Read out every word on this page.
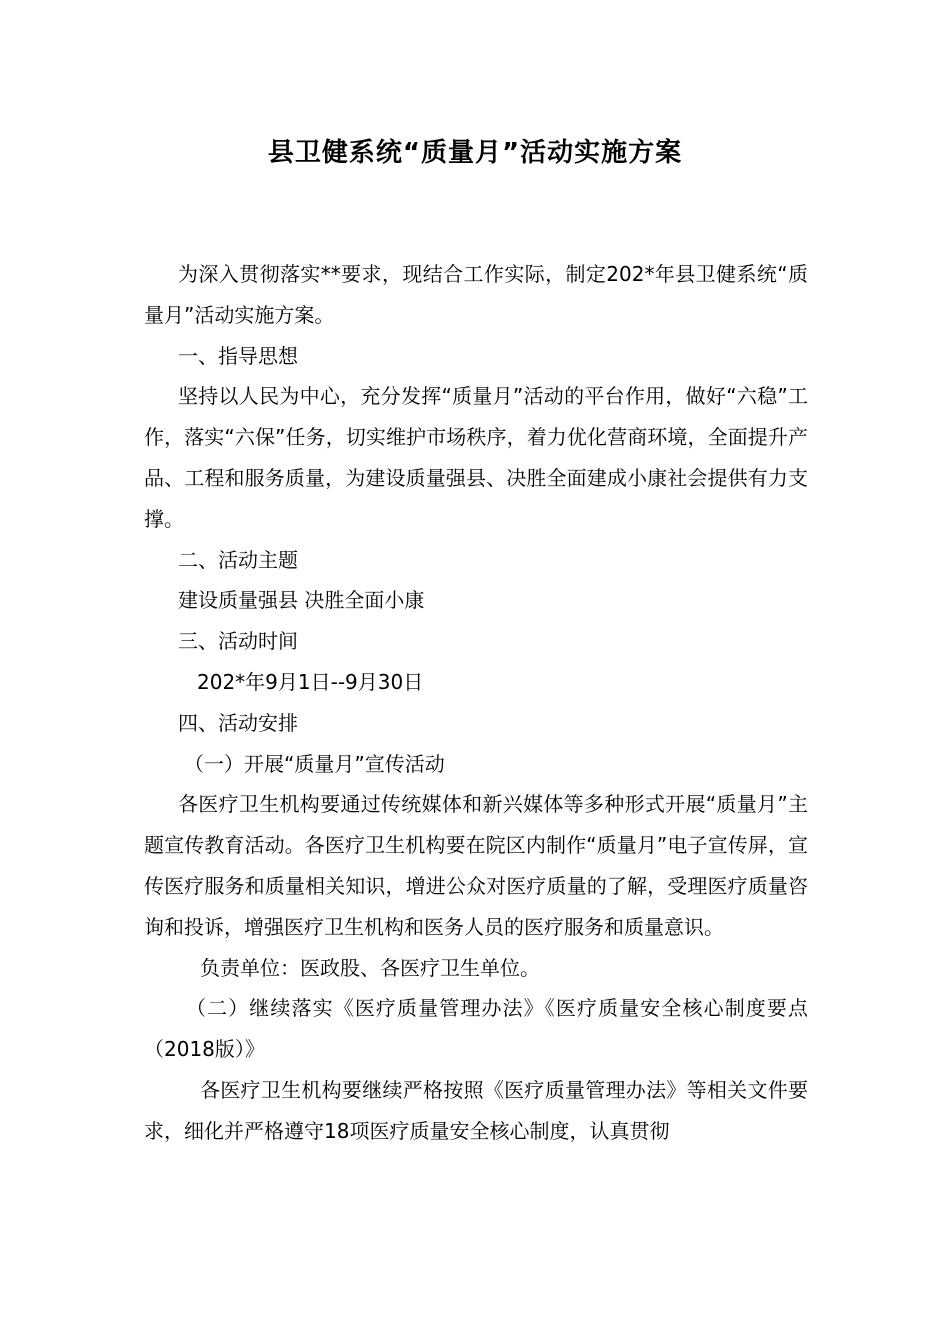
县卫健系统“质量月”活动实施方案

为深入贯彻落实**要求，现结合工作实际，制定202*年县卫健系统“质量月”活动实施方案。

一、指导思想

坚持以人民为中心，充分发挥“质量月”活动的平台作用，做好“六稳”工作，落实“六保”任务，切实维护市场秩序，着力优化营商环境，全面提升产品、工程和服务质量，为建设质量强县、决胜全面建成小康社会提供有力支撑。

二、活动主题

建设质量强县 决胜全面小康

三、活动时间

202*年9月1日--9月30日

四、活动安排

（一）开展“质量月”宣传活动

各医疗卫生机构要通过传统媒体和新兴媒体等多种形式开展“质量月”主题宣传教育活动。各医疗卫生机构要在院区内制作“质量月”电子宣传屏，宣传医疗服务和质量相关知识，增进公众对医疗质量的了解，受理医疗质量咨询和投诉，增强医疗卫生机构和医务人员的医疗服务和质量意识。

负责单位：医政股、各医疗卫生单位。

（二）继续落实《医疗质量管理办法》《医疗质量安全核心制度要点（2018版）》

各医疗卫生机构要继续严格按照《医疗质量管理办法》等相关文件要求，细化并严格遵守18项医疗质量安全核心制度，认真贯彻
